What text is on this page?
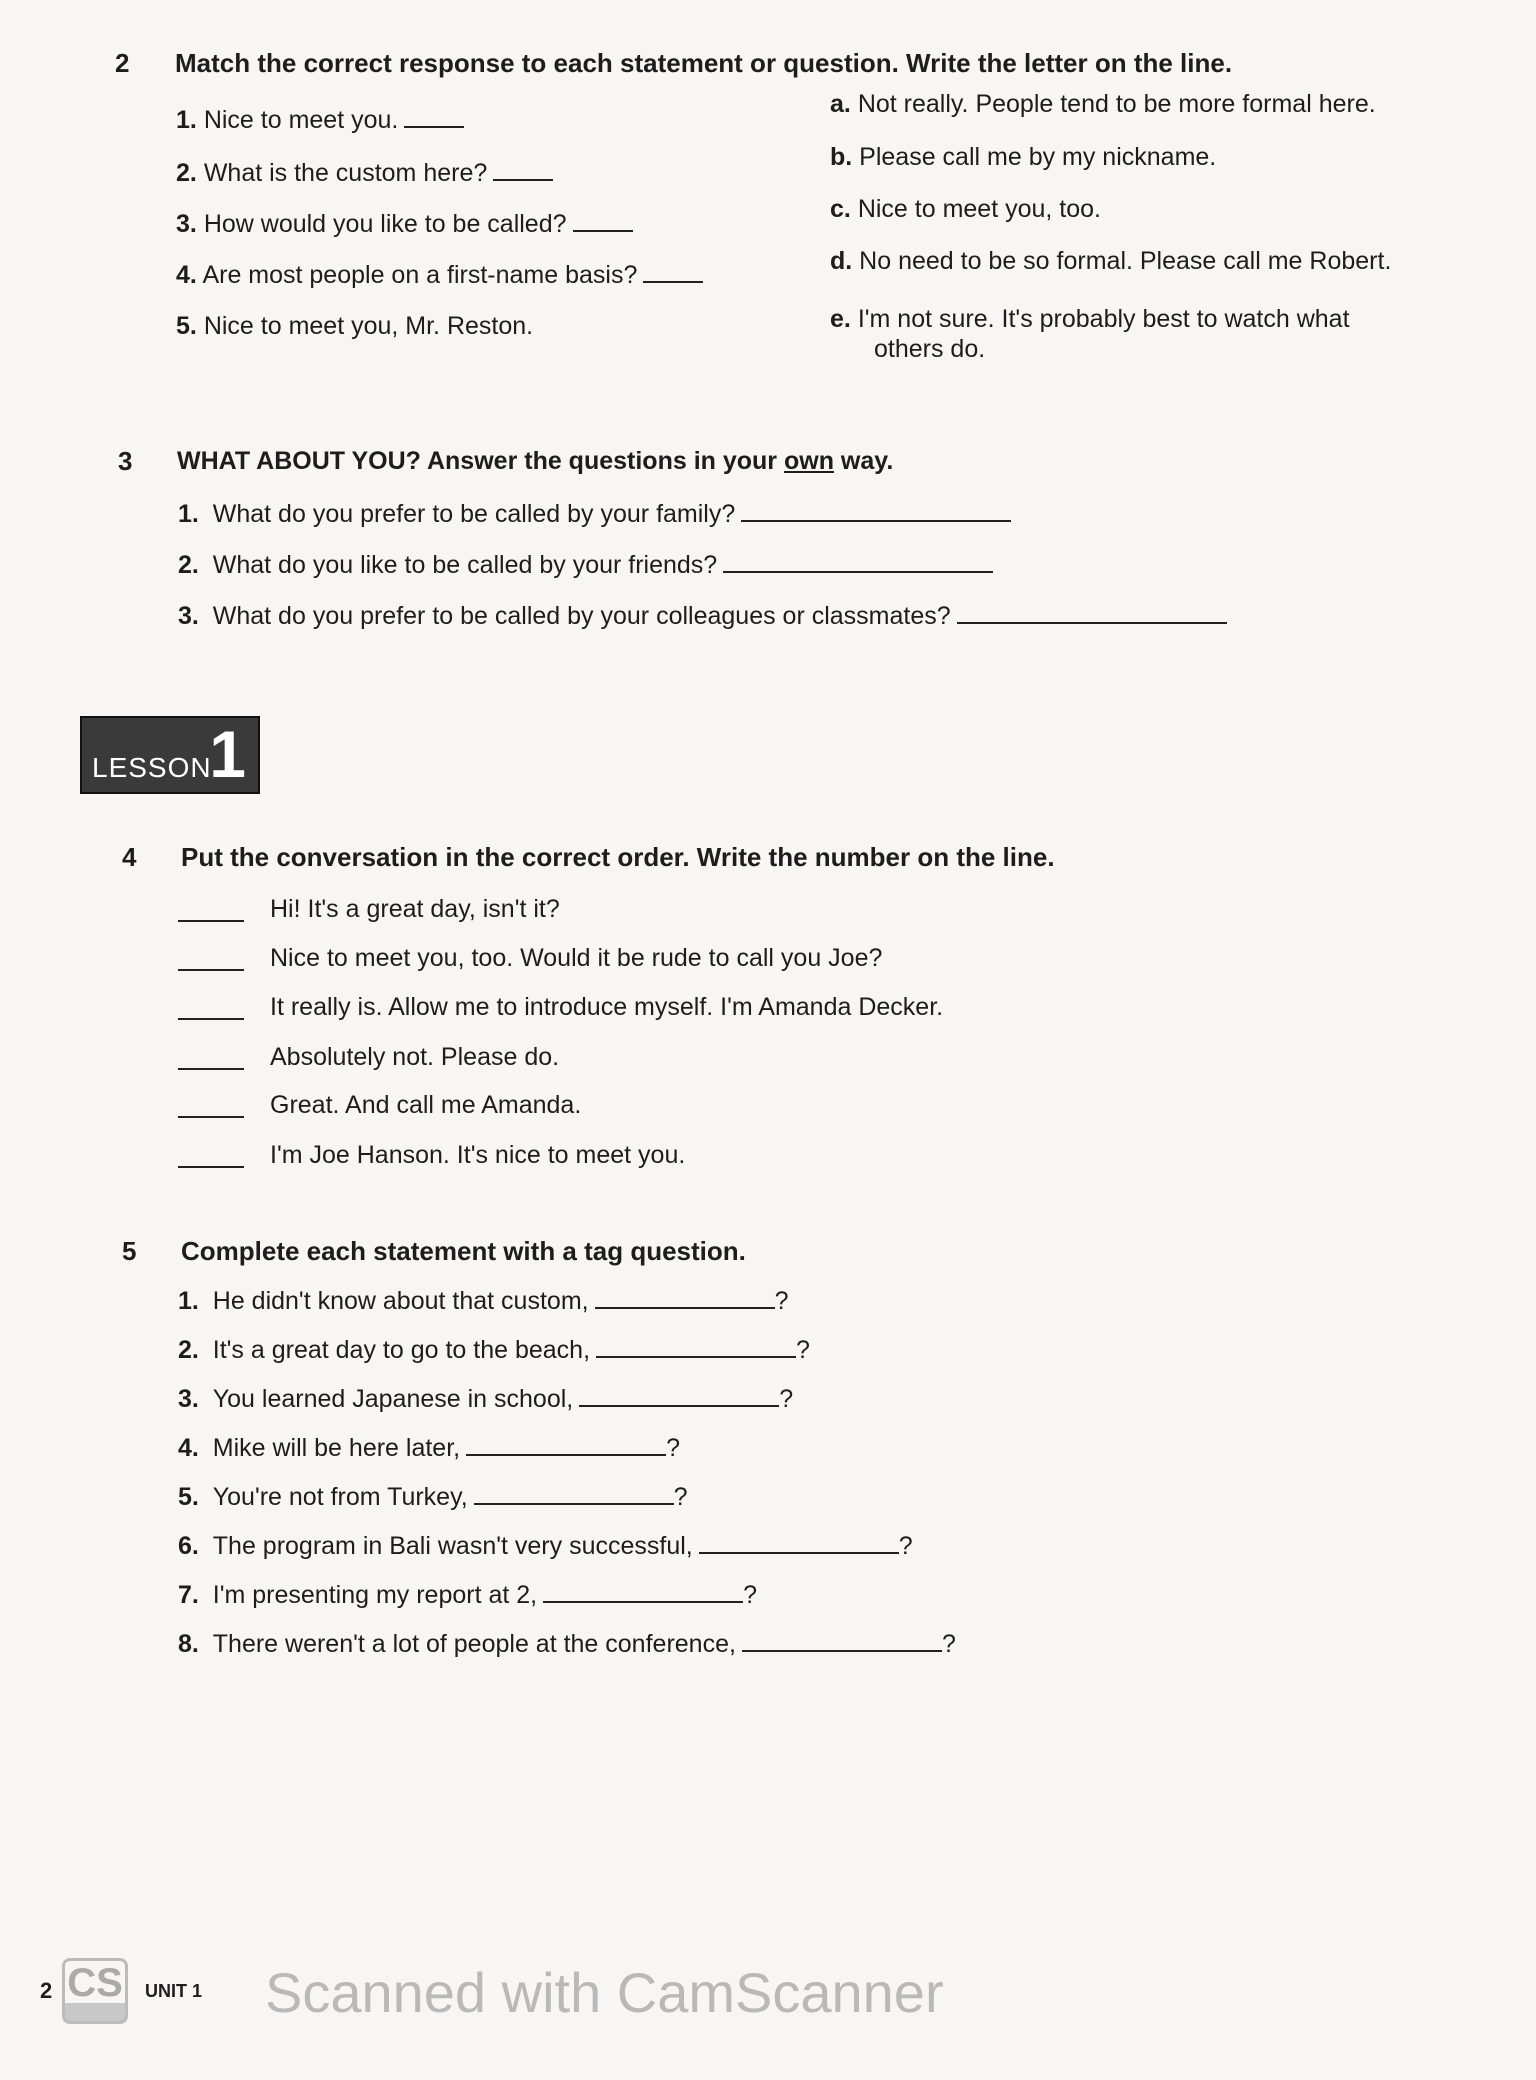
2 Match the correct response to each statement or question. Write the letter on the line.
1. Nice to meet you.
2. What is the custom here?
3. How would you like to be called?
4. Are most people on a first-name basis?
5. Nice to meet you, Mr. Reston.
a. Not really. People tend to be more formal here.
b. Please call me by my nickname.
c. Nice to meet you, too.
d. No need to be so formal. Please call me Robert.
e. I'm not sure. It's probably best to watch what
others do.
3 WHAT ABOUT YOU? Answer the questions in your own way.
1. What do you prefer to be called by your family?
2. What do you like to be called by your friends?
3. What do you prefer to be called by your colleagues or classmates?
LESSON
1
4 Put the conversation in the correct order. Write the number on the line.
Hi! It's a great day, isn't it?
Nice to meet you, too. Would it be rude to call you Joe?
It really is. Allow me to introduce myself. I'm Amanda Decker.
Absolutely not. Please do.
Great. And call me Amanda.
I'm Joe Hanson. It's nice to meet you.
5 Complete each statement with a tag question.
1. He didn't know about that custom,	?
2. It's a great day to go to the beach,	?
3. You learned Japanese in school,	?
4. Mike will be here later,	?
5. You're not from Turkey,	?
6. The program in Bali wasn't very successful,	?
7. I'm presenting my report at 2,	?
8. There weren't a lot of people at the conference,	?
2 CS UNIT 1 Scanned with CamScanner
